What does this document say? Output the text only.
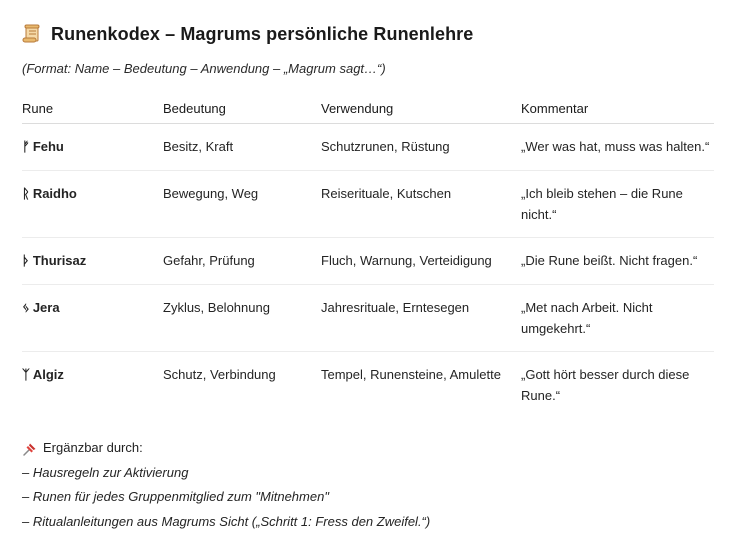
Runenkodex – Magrums persönliche Runenlehre
(Format: Name – Bedeutung – Anwendung – „Magrum sagt…“)
Rune	Bedeutung	Verwendung	Kommentar
ᚠ Fehu	Besitz, Kraft	Schutzrunen, Rüstung	„Wer was hat, muss was halten.“
ᚱ Raidho	Bewegung, Weg	Reiserituale, Kutschen	„Ich bleib stehen – die Rune nicht.“
ᚦ Thurisaz	Gefahr, Prüfung	Fluch, Warnung, Verteidigung	„Die Rune beißt. Nicht fragen.“
ᛃ Jera	Zyklus, Belohnung	Jahresrituale, Erntesegen	„Met nach Arbeit. Nicht umgekehrt.“
ᛉ Algiz	Schutz, Verbindung	Tempel, Runensteine, Amulette	„Gott hört besser durch diese Rune.“
Ergänzbar durch:
– Hausregeln zur Aktivierung
– Runen für jedes Gruppenmitglied zum "Mitnehmen"
– Ritualanleitungen aus Magrums Sicht („Schritt 1: Fress den Zweifel.“)
